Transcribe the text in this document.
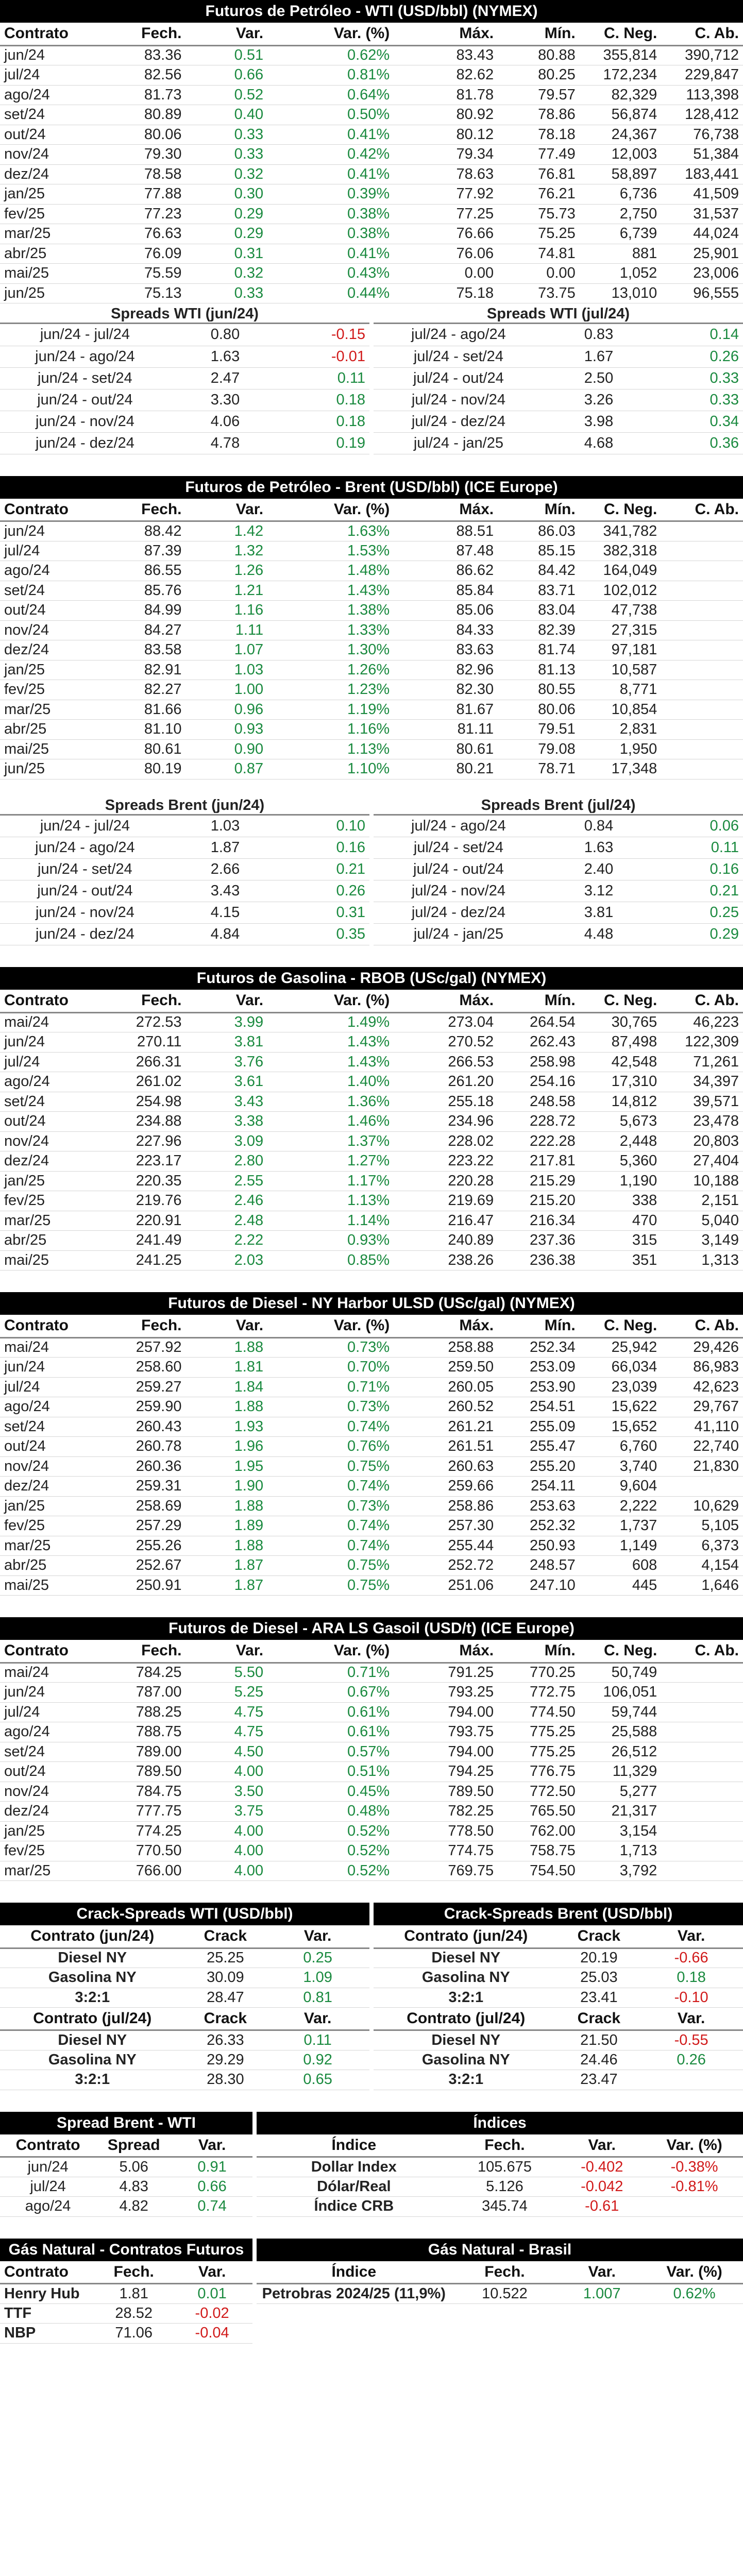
Futuros de Petróleo - WTI (USD/bbl) (NYMEX)
Contrato	Fech.	Var.	Var. (%)	Máx.	Mín.	C. Neg.	C. Ab.
jun/24	83.36	0.51	0.62%	83.43	80.88	355,814	390,712
jul/24	82.56	0.66	0.81%	82.62	80.25	172,234	229,847
ago/24	81.73	0.52	0.64%	81.78	79.57	82,329	113,398
set/24	80.89	0.40	0.50%	80.92	78.86	56,874	128,412
out/24	80.06	0.33	0.41%	80.12	78.18	24,367	76,738
nov/24	79.30	0.33	0.42%	79.34	77.49	12,003	51,384
dez/24	78.58	0.32	0.41%	78.63	76.81	58,897	183,441
jan/25	77.88	0.30	0.39%	77.92	76.21	6,736	41,509
fev/25	77.23	0.29	0.38%	77.25	75.73	2,750	31,537
mar/25	76.63	0.29	0.38%	76.66	75.25	6,739	44,024
abr/25	76.09	0.31	0.41%	76.06	74.81	881	25,901
mai/25	75.59	0.32	0.43%	0.00	0.00	1,052	23,006
jun/25	75.13	0.33	0.44%	75.18	73.75	13,010	96,555
Spreads WTI (jun/24)
jun/24 - jul/24	0.80	-0.15
jun/24 - ago/24	1.63	-0.01
jun/24 - set/24	2.47	0.11
jun/24 - out/24	3.30	0.18
jun/24 - nov/24	4.06	0.18
jun/24 - dez/24	4.78	0.19
Spreads WTI (jul/24)
jul/24 - ago/24	0.83	0.14
jul/24 - set/24	1.67	0.26
jul/24 - out/24	2.50	0.33
jul/24 - nov/24	3.26	0.33
jul/24 - dez/24	3.98	0.34
jul/24 - jan/25	4.68	0.36
Futuros de Petróleo - Brent (USD/bbl) (ICE Europe)
Contrato	Fech.	Var.	Var. (%)	Máx.	Mín.	C. Neg.	C. Ab.
jun/24	88.42	1.42	1.63%	88.51	86.03	341,782	
jul/24	87.39	1.32	1.53%	87.48	85.15	382,318	
ago/24	86.55	1.26	1.48%	86.62	84.42	164,049	
set/24	85.76	1.21	1.43%	85.84	83.71	102,012	
out/24	84.99	1.16	1.38%	85.06	83.04	47,738	
nov/24	84.27	1.11	1.33%	84.33	82.39	27,315	
dez/24	83.58	1.07	1.30%	83.63	81.74	97,181	
jan/25	82.91	1.03	1.26%	82.96	81.13	10,587	
fev/25	82.27	1.00	1.23%	82.30	80.55	8,771	
mar/25	81.66	0.96	1.19%	81.67	80.06	10,854	
abr/25	81.10	0.93	1.16%	81.11	79.51	2,831	
mai/25	80.61	0.90	1.13%	80.61	79.08	1,950	
jun/25	80.19	0.87	1.10%	80.21	78.71	17,348	
Spreads Brent (jun/24)
jun/24 - jul/24	1.03	0.10
jun/24 - ago/24	1.87	0.16
jun/24 - set/24	2.66	0.21
jun/24 - out/24	3.43	0.26
jun/24 - nov/24	4.15	0.31
jun/24 - dez/24	4.84	0.35
Spreads Brent (jul/24)
jul/24 - ago/24	0.84	0.06
jul/24 - set/24	1.63	0.11
jul/24 - out/24	2.40	0.16
jul/24 - nov/24	3.12	0.21
jul/24 - dez/24	3.81	0.25
jul/24 - jan/25	4.48	0.29
Futuros de Gasolina - RBOB (USc/gal) (NYMEX)
Contrato	Fech.	Var.	Var. (%)	Máx.	Mín.	C. Neg.	C. Ab.
mai/24	272.53	3.99	1.49%	273.04	264.54	30,765	46,223
jun/24	270.11	3.81	1.43%	270.52	262.43	87,498	122,309
jul/24	266.31	3.76	1.43%	266.53	258.98	42,548	71,261
ago/24	261.02	3.61	1.40%	261.20	254.16	17,310	34,397
set/24	254.98	3.43	1.36%	255.18	248.58	14,812	39,571
out/24	234.88	3.38	1.46%	234.96	228.72	5,673	23,478
nov/24	227.96	3.09	1.37%	228.02	222.28	2,448	20,803
dez/24	223.17	2.80	1.27%	223.22	217.81	5,360	27,404
jan/25	220.35	2.55	1.17%	220.28	215.29	1,190	10,188
fev/25	219.76	2.46	1.13%	219.69	215.20	338	2,151
mar/25	220.91	2.48	1.14%	216.47	216.34	470	5,040
abr/25	241.49	2.22	0.93%	240.89	237.36	315	3,149
mai/25	241.25	2.03	0.85%	238.26	236.38	351	1,313
Futuros de Diesel - NY Harbor ULSD (USc/gal) (NYMEX)
Contrato	Fech.	Var.	Var. (%)	Máx.	Mín.	C. Neg.	C. Ab.
mai/24	257.92	1.88	0.73%	258.88	252.34	25,942	29,426
jun/24	258.60	1.81	0.70%	259.50	253.09	66,034	86,983
jul/24	259.27	1.84	0.71%	260.05	253.90	23,039	42,623
ago/24	259.90	1.88	0.73%	260.52	254.51	15,622	29,767
set/24	260.43	1.93	0.74%	261.21	255.09	15,652	41,110
out/24	260.78	1.96	0.76%	261.51	255.47	6,760	22,740
nov/24	260.36	1.95	0.75%	260.63	255.20	3,740	21,830
dez/24	259.31	1.90	0.74%	259.66	254.11	9,604	
jan/25	258.69	1.88	0.73%	258.86	253.63	2,222	10,629
fev/25	257.29	1.89	0.74%	257.30	252.32	1,737	5,105
mar/25	255.26	1.88	0.74%	255.44	250.93	1,149	6,373
abr/25	252.67	1.87	0.75%	252.72	248.57	608	4,154
mai/25	250.91	1.87	0.75%	251.06	247.10	445	1,646
Futuros de Diesel - ARA LS Gasoil (USD/t) (ICE Europe)
Contrato	Fech.	Var.	Var. (%)	Máx.	Mín.	C. Neg.	C. Ab.
mai/24	784.25	5.50	0.71%	791.25	770.25	50,749	
jun/24	787.00	5.25	0.67%	793.25	772.75	106,051	
jul/24	788.25	4.75	0.61%	794.00	774.50	59,744	
ago/24	788.75	4.75	0.61%	793.75	775.25	25,588	
set/24	789.00	4.50	0.57%	794.00	775.25	26,512	
out/24	789.50	4.00	0.51%	794.25	776.75	11,329	
nov/24	784.75	3.50	0.45%	789.50	772.50	5,277	
dez/24	777.75	3.75	0.48%	782.25	765.50	21,317	
jan/25	774.25	4.00	0.52%	778.50	762.00	3,154	
fev/25	770.50	4.00	0.52%	774.75	758.75	1,713	
mar/25	766.00	4.00	0.52%	769.75	754.50	3,792	
Crack-Spreads WTI (USD/bbl)	Crack-Spreads Brent (USD/bbl)
Contrato (jun/24)	Crack	Var.
Diesel NY	25.25	0.25
Gasolina NY	30.09	1.09
3:2:1	28.47	0.81
Contrato (jul/24)	Crack	Var.
Diesel NY	26.33	0.11
Gasolina NY	29.29	0.92
3:2:1	28.30	0.65
Contrato (jun/24)	Crack	Var.
Diesel NY	20.19	-0.66
Gasolina NY	25.03	0.18
3:2:1	23.41	-0.10
Contrato (jul/24)	Crack	Var.
Diesel NY	21.50	-0.55
Gasolina NY	24.46	0.26
3:2:1	23.47	
Spread Brent - WTI
Contrato	Spread	Var.
jun/24	5.06	0.91
jul/24	4.83	0.66
ago/24	4.82	0.74
Índices
Índice	Fech.	Var.	Var. (%)
Dollar Index	105.675	-0.402	-0.38%
Dólar/Real	5.126	-0.042	-0.81%
Índice CRB	345.74	-0.61	
Gás Natural - Contratos Futuros
Contrato	Fech.	Var.
Henry Hub	1.81	0.01
TTF	28.52	-0.02
NBP	71.06	-0.04
Gás Natural - Brasil
Índice	Fech.	Var.	Var. (%)
Petrobras 2024/25 (11,9%)	10.522	1.007	0.62%
